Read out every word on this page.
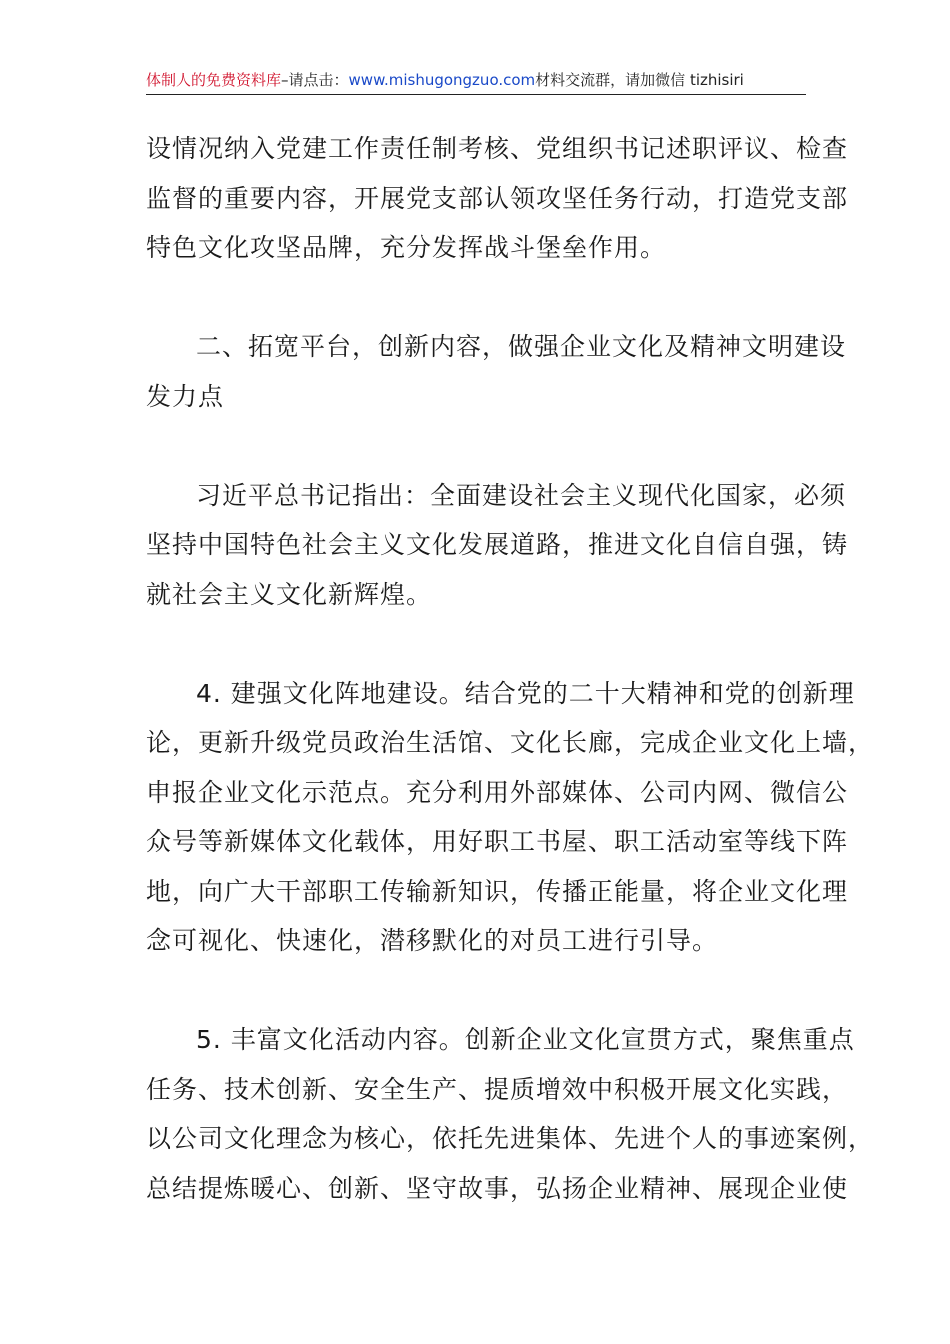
体制人的免费资料库–请点击：www.mishugongzuo.com材料交流群，请加微信 tizhisiri
设情况纳入党建工作责任制考核、党组织书记述职评议、检查
监督的重要内容，开展党支部认领攻坚任务行动，打造党支部
特色文化攻坚品牌，充分发挥战斗堡垒作用。
二、拓宽平台，创新内容，做强企业文化及精神文明建设
发力点
习近平总书记指出：全面建设社会主义现代化国家，必须
坚持中国特色社会主义文化发展道路，推进文化自信自强，铸
就社会主义文化新辉煌。
4. 建强文化阵地建设。结合党的二十大精神和党的创新理
论，更新升级党员政治生活馆、文化长廊，完成企业文化上墙，
申报企业文化示范点。充分利用外部媒体、公司内网、微信公
众号等新媒体文化载体，用好职工书屋、职工活动室等线下阵
地，向广大干部职工传输新知识，传播正能量，将企业文化理
念可视化、快速化，潜移默化的对员工进行引导。
5. 丰富文化活动内容。创新企业文化宣贯方式，聚焦重点
任务、技术创新、安全生产、提质增效中积极开展文化实践，
以公司文化理念为核心，依托先进集体、先进个人的事迹案例，
总结提炼暖心、创新、坚守故事，弘扬企业精神、展现企业使
